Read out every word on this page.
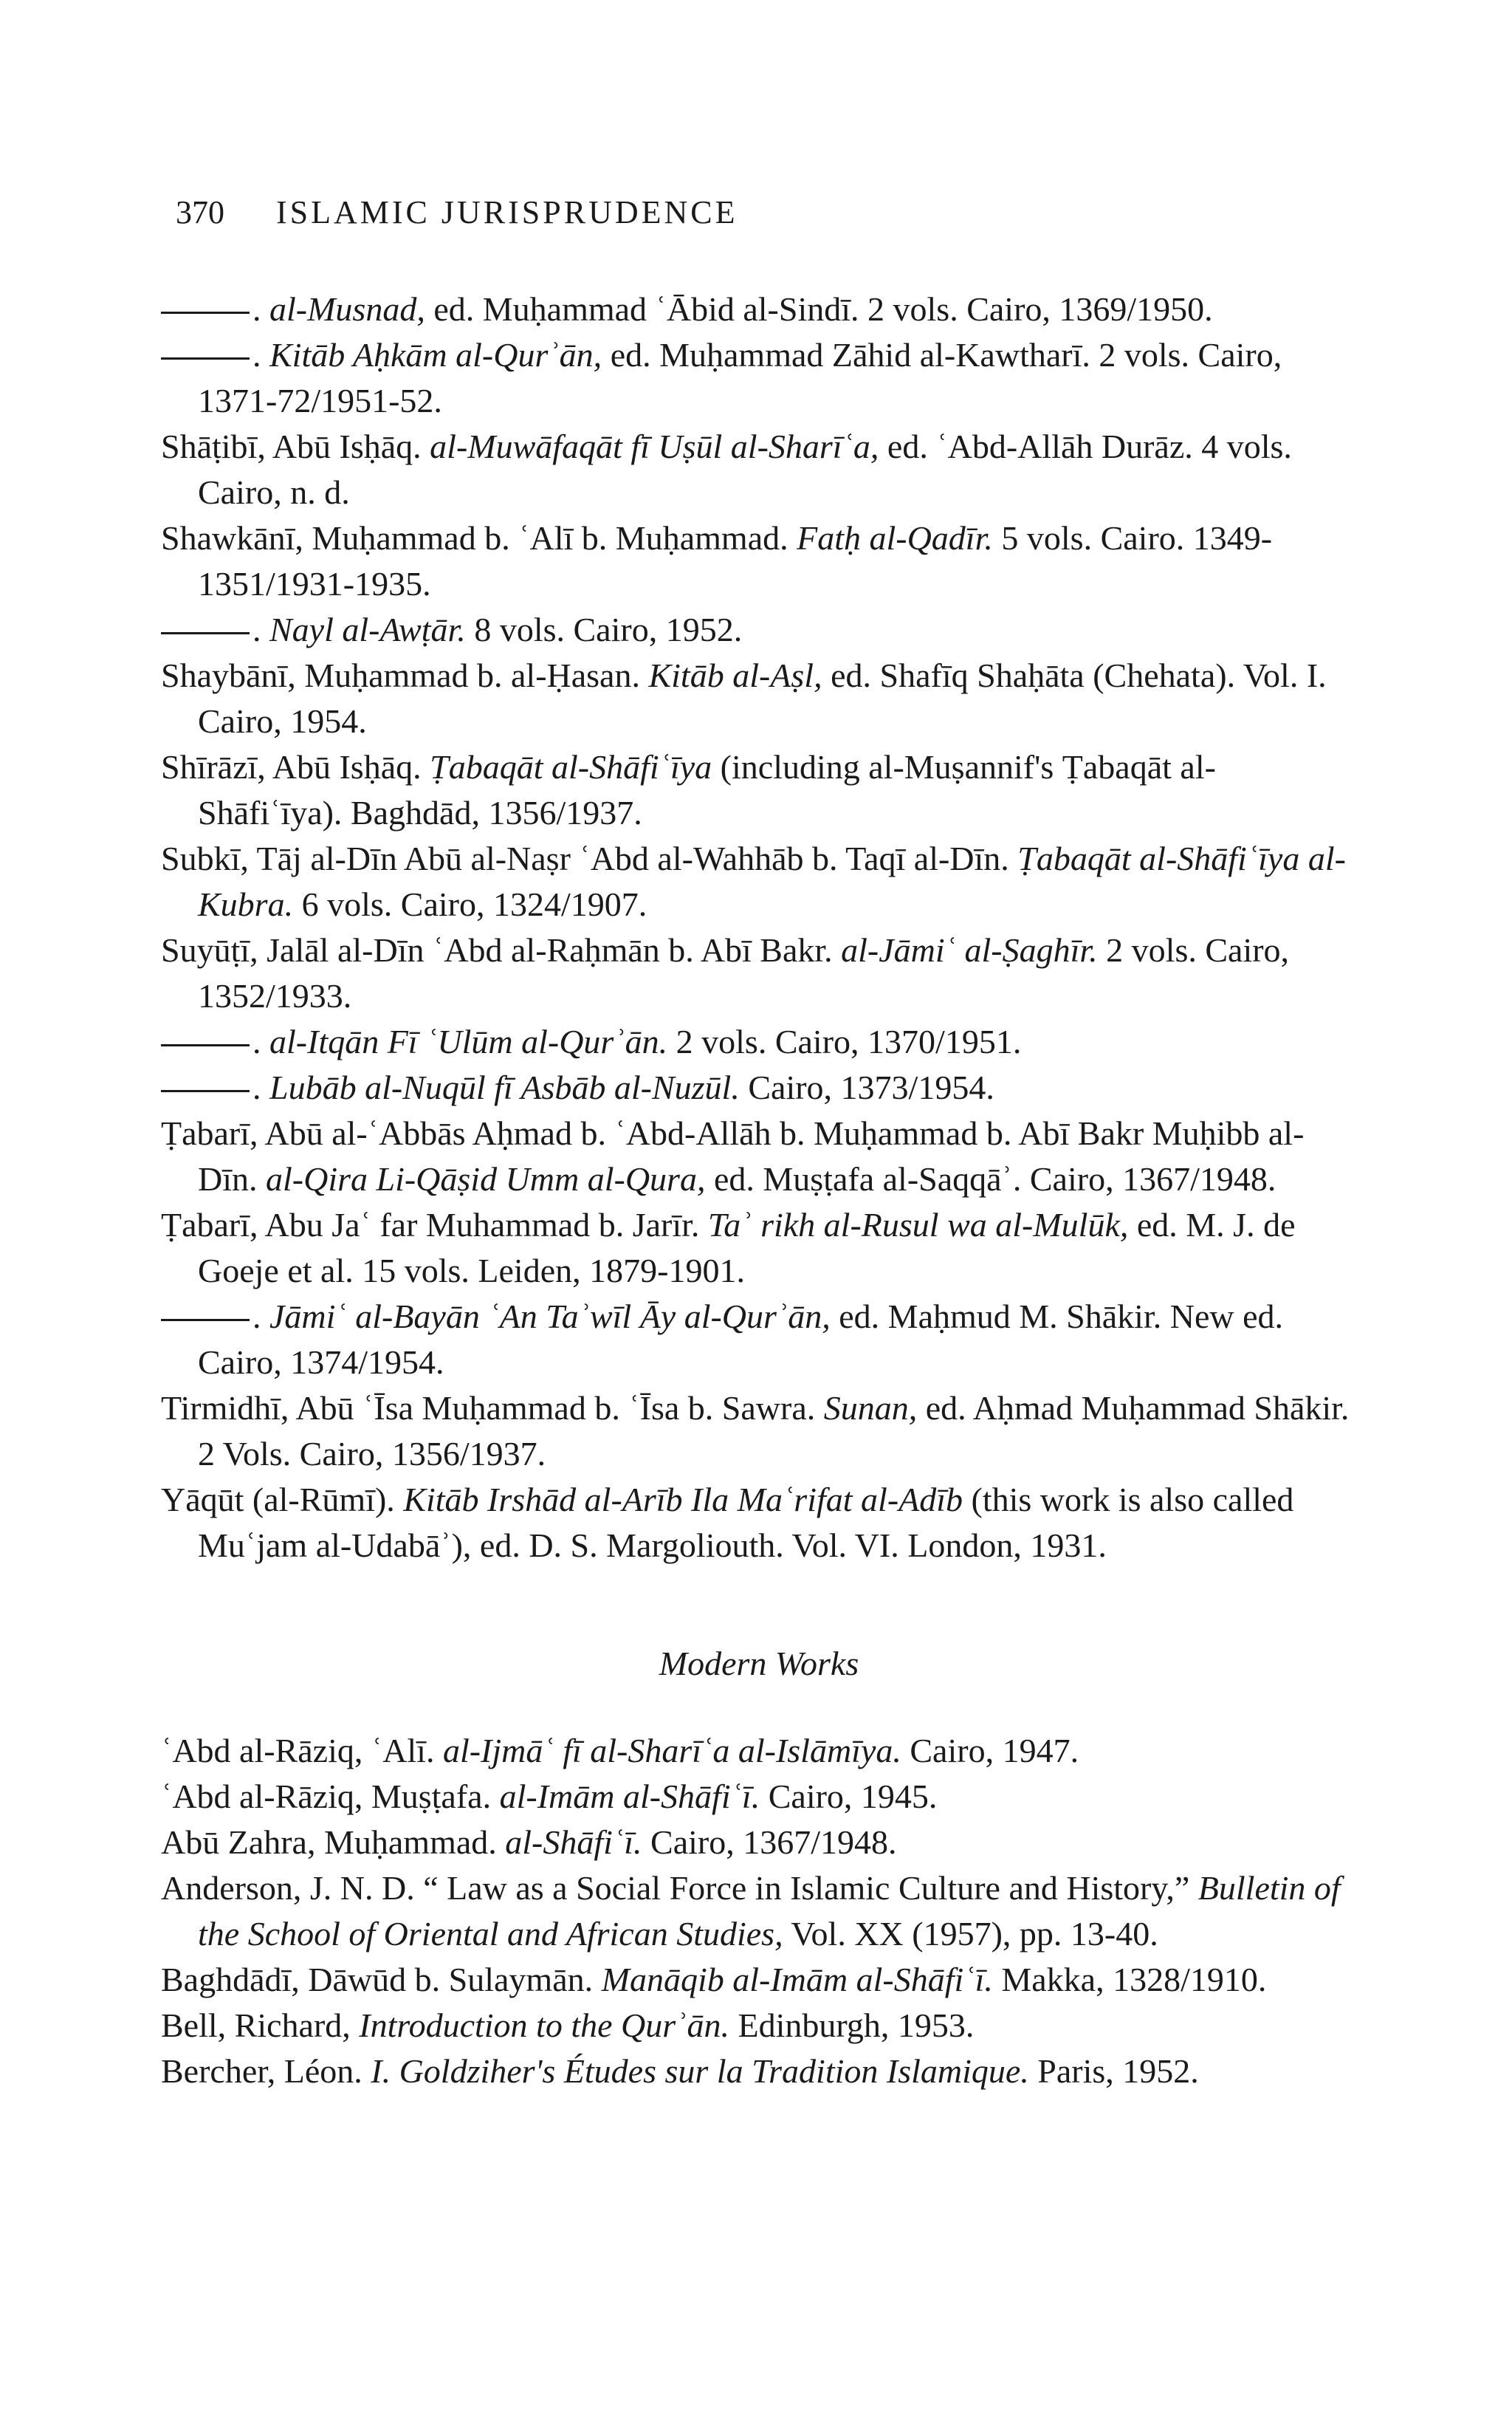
370 ISLAMIC JURISPRUDENCE

. al-Musnad, ed. Muḥammad ʿĀbid al-Sindī. 2 vols. Cairo, 1369/1950.

. Kitāb Aḥkām al-Qurʾān, ed. Muḥammad Zāhid al-Kawtharī. 2 vols. Cairo, 1371-72/1951-52.

Shāṭibī, Abū Isḥāq. al-Muwāfaqāt fī Uṣūl al-Sharīʿa, ed. ʿAbd-Allāh Durāz. 4 vols. Cairo, n. d.

Shawkānī, Muḥammad b. ʿAlī b. Muḥammad. Fatḥ al-Qadīr. 5 vols. Cairo. 1349-1351/1931-1935.

. Nayl al-Awṭār. 8 vols. Cairo, 1952.

Shaybānī, Muḥammad b. al-Ḥasan. Kitāb al-Aṣl, ed. Shafīq Shaḥāta (Chehata). Vol. I. Cairo, 1954.

Shīrāzī, Abū Isḥāq. Ṭabaqāt al-Shāfiʿīya (including al-Muṣannif's Ṭabaqāt al-Shāfiʿīya). Baghdād, 1356/1937.

Subkī, Tāj al-Dīn Abū al-Naṣr ʿAbd al-Wahhāb b. Taqī al-Dīn. Ṭabaqāt al-Shāfiʿīya al-Kubra. 6 vols. Cairo, 1324/1907.

Suyūṭī, Jalāl al-Dīn ʿAbd al-Raḥmān b. Abī Bakr. al-Jāmiʿ al-Ṣaghīr. 2 vols. Cairo, 1352/1933.

. al-Itqān Fī ʿUlūm al-Qurʾān. 2 vols. Cairo, 1370/1951.

. Lubāb al-Nuqūl fī Asbāb al-Nuzūl. Cairo, 1373/1954.

Ṭabarī, Abū al-ʿAbbās Aḥmad b. ʿAbd-Allāh b. Muḥammad b. Abī Bakr Muḥibb al-Dīn. al-Qira Li-Qāṣid Umm al-Qura, ed. Muṣṭafa al-Saqqāʾ. Cairo, 1367/1948.

Ṭabarī, Abu Jaʿ far Muhammad b. Jarīr. Taʾ rikh al-Rusul wa al-Mulūk, ed. M. J. de Goeje et al. 15 vols. Leiden, 1879-1901.

. Jāmiʿ al-Bayān ʿAn Taʾwīl Āy al-Qurʾān, ed. Maḥmud M. Shākir. New ed. Cairo, 1374/1954.

Tirmidhī, Abū ʿĪsa Muḥammad b. ʿĪsa b. Sawra. Sunan, ed. Aḥmad Muḥammad Shākir. 2 Vols. Cairo, 1356/1937.

Yāqūt (al-Rūmī). Kitāb Irshād al-Arīb Ila Maʿrifat al-Adīb (this work is also called Muʿjam al-Udabāʾ), ed. D. S. Margoliouth. Vol. VI. London, 1931.

Modern Works

ʿAbd al-Rāziq, ʿAlī. al-Ijmāʿ fī al-Sharīʿa al-Islāmīya. Cairo, 1947.

ʿAbd al-Rāziq, Muṣṭafa. al-Imām al-Shāfiʿī. Cairo, 1945.

Abū Zahra, Muḥammad. al-Shāfiʿī. Cairo, 1367/1948.

Anderson, J. N. D. “ Law as a Social Force in Islamic Culture and History,” Bulletin of the School of Oriental and African Studies, Vol. XX (1957), pp. 13-40.

Baghdādī, Dāwūd b. Sulaymān. Manāqib al-Imām al-Shāfiʿī. Makka, 1328/1910.

Bell, Richard, Introduction to the Qurʾān. Edinburgh, 1953.

Bercher, Léon. I. Goldziher's Études sur la Tradition Islamique. Paris, 1952.
